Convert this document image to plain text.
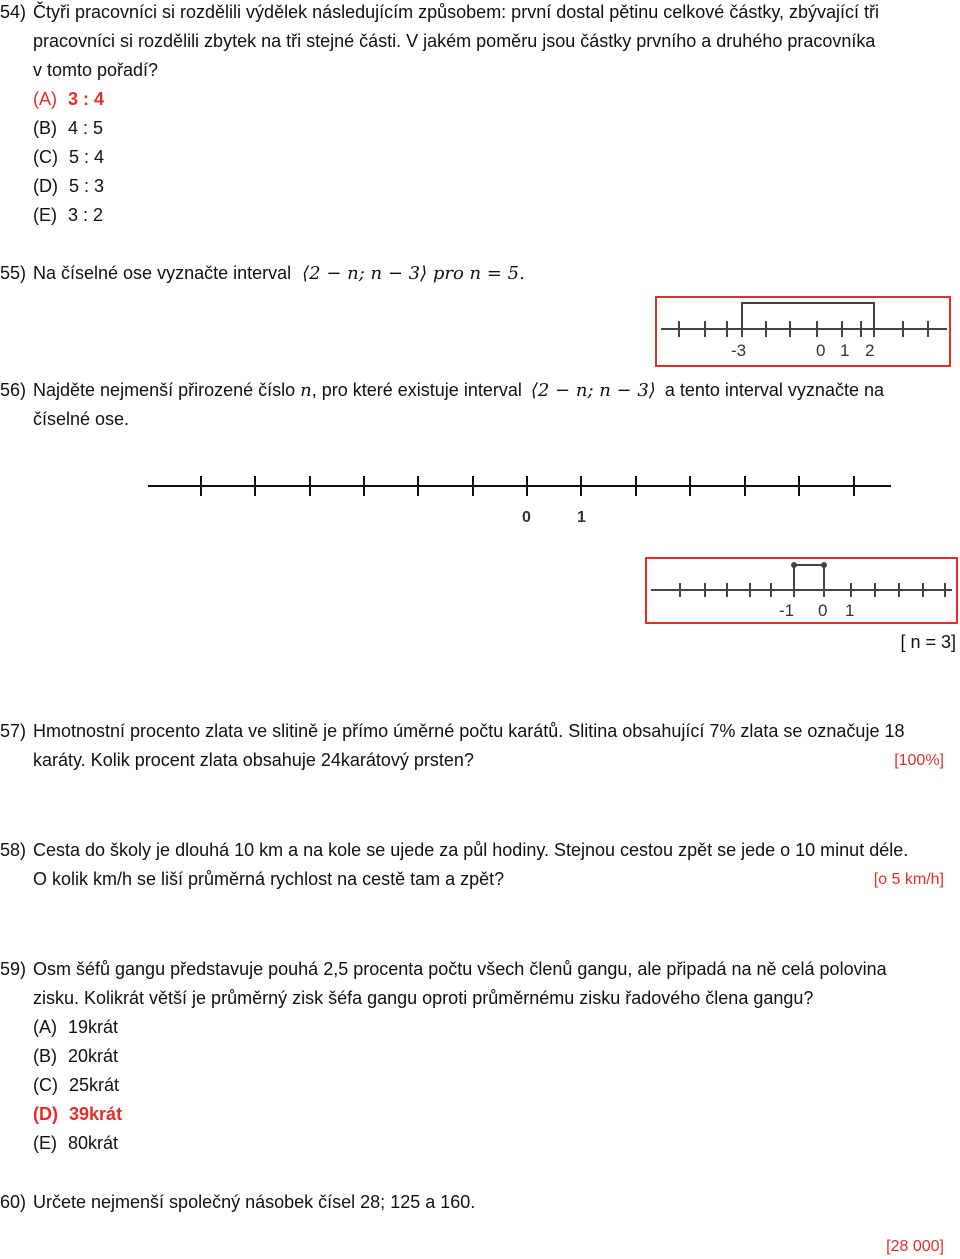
54) Čtyři pracovníci si rozdělili výdělek následujícím způsobem: první dostal pětinu celkové částky, zbývající tři
pracovníci si rozdělili zbytek na tři stejné části. V jakém poměru jsou částky prvního a druhého pracovníka
v tomto pořadí?
(A) 3 : 4
(B) 4 : 5
(C) 5 : 4
(D) 5 : 3
(E) 3 : 2
55) Na číselné ose vyznačte interval ⟨2 − n; n − 3⟩ pro n = 5.
-3	0 1 2
56) Najděte nejmenší přirozené číslo n, pro které existuje interval ⟨2 − n; n − 3⟩ a tento interval vyznačte na
číselné ose.
0	1
-1 0 1
[ n = 3]
57) Hmotnostní procento zlata ve slitině je přímo úměrné počtu karátů. Slitina obsahující 7% zlata se označuje 18
karáty. Kolik procent zlata obsahuje 24karátový prsten?	[100%]
58) Cesta do školy je dlouhá 10 km a na kole se ujede za půl hodiny. Stejnou cestou zpět se jede o 10 minut déle.
O kolik km/h se liší průměrná rychlost na cestě tam a zpět?	[o 5 km/h]
59) Osm šéfů gangu představuje pouhá 2,5 procenta počtu všech členů gangu, ale připadá na ně celá polovina
zisku. Kolikrát větší je průměrný zisk šéfa gangu oproti průměrnému zisku řadového člena gangu?
(A) 19krát
(B) 20krát
(C) 25krát
(D) 39krát
(E) 80krát
60) Určete nejmenší společný násobek čísel 28; 125 a 160.
[28 000]
